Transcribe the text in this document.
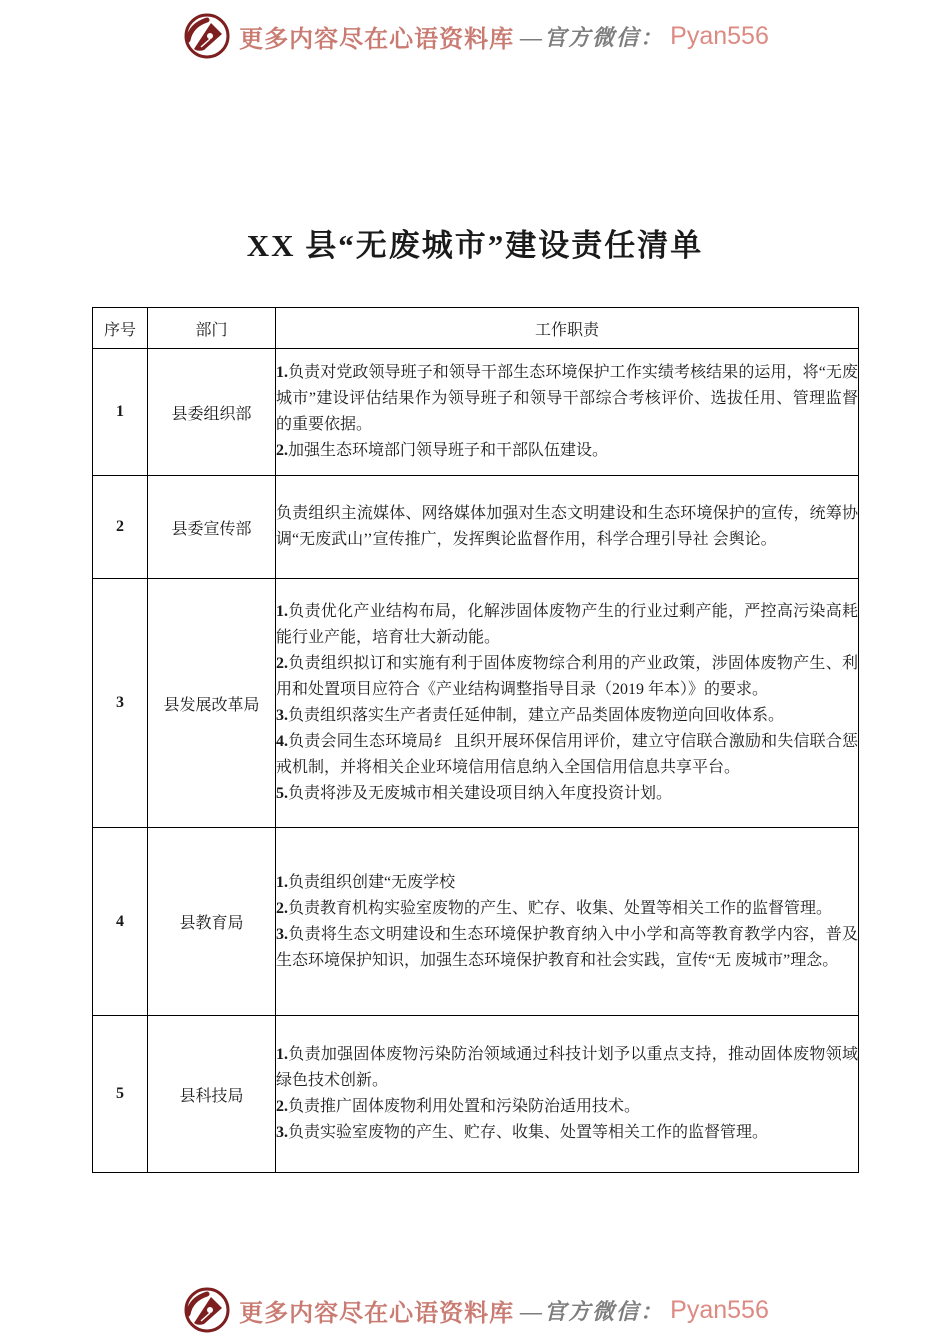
更多内容尽在心语资料库 —官方微信： Pyan556
XX 县“无废城市”建设责任清单
序号	部门	工作职责
1	县委组织部	1.负责对党政领导班子和领导干部生态环境保护工作实绩考核结果的运用，将“无废城市”建设评估结果作为领导班子和领导干部综合考核评价、选拔任用、管理监督的重要依据。

2.加强生态环境部门领导班子和干部队伍建设。

2	县委宣传部	负责组织主流媒体、网络媒体加强对生态文明建设和生态环境保护的宣传，统筹协调“无废武山’’宣传推广，发挥舆论监督作用，科学合理引导社 会舆论。

3	县发展改革局	1.负责优化产业结构布局，化解涉固体废物产生的行业过剩产能，严控高污染高耗能行业产能，培育壮大新动能。

2.负责组织拟订和实施有利于固体废物综合利用的产业政策，涉固体废物产生、利用和处置项目应符合《产业结构调整指导目录（2019 年本）》的要求。

3.负责组织落实生产者责任延伸制，建立产品类固体废物逆向回收体系。

4.负责会同生态环境局纟 且织开展环保信用评价，建立守信联合激励和失信联合惩戒机制，并将相关企业环境信用信息纳入全国信用信息共享平台。

5.负责将涉及无废城市相关建设项目纳入年度投资计划。

4	县教育局	1.负责组织创建“无废学校

2.负责教育机构实验室废物的产生、贮存、收集、处置等相关工作的监督管理。

3.负责将生态文明建设和生态环境保护教育纳入中小学和高等教育教学内容，普及生态环境保护知识，加强生态环境保护教育和社会实践，宣传“无 废城市”理念。

5	县科技局	1.负责加强固体废物污染防治领域通过科技计划予以重点支持，推动固体废物领域绿色技术创新。

2.负责推广固体废物利用处置和污染防治适用技术。

3.负责实验室废物的产生、贮存、收集、处置等相关工作的监督管理。

更多内容尽在心语资料库 —官方微信： Pyan556
